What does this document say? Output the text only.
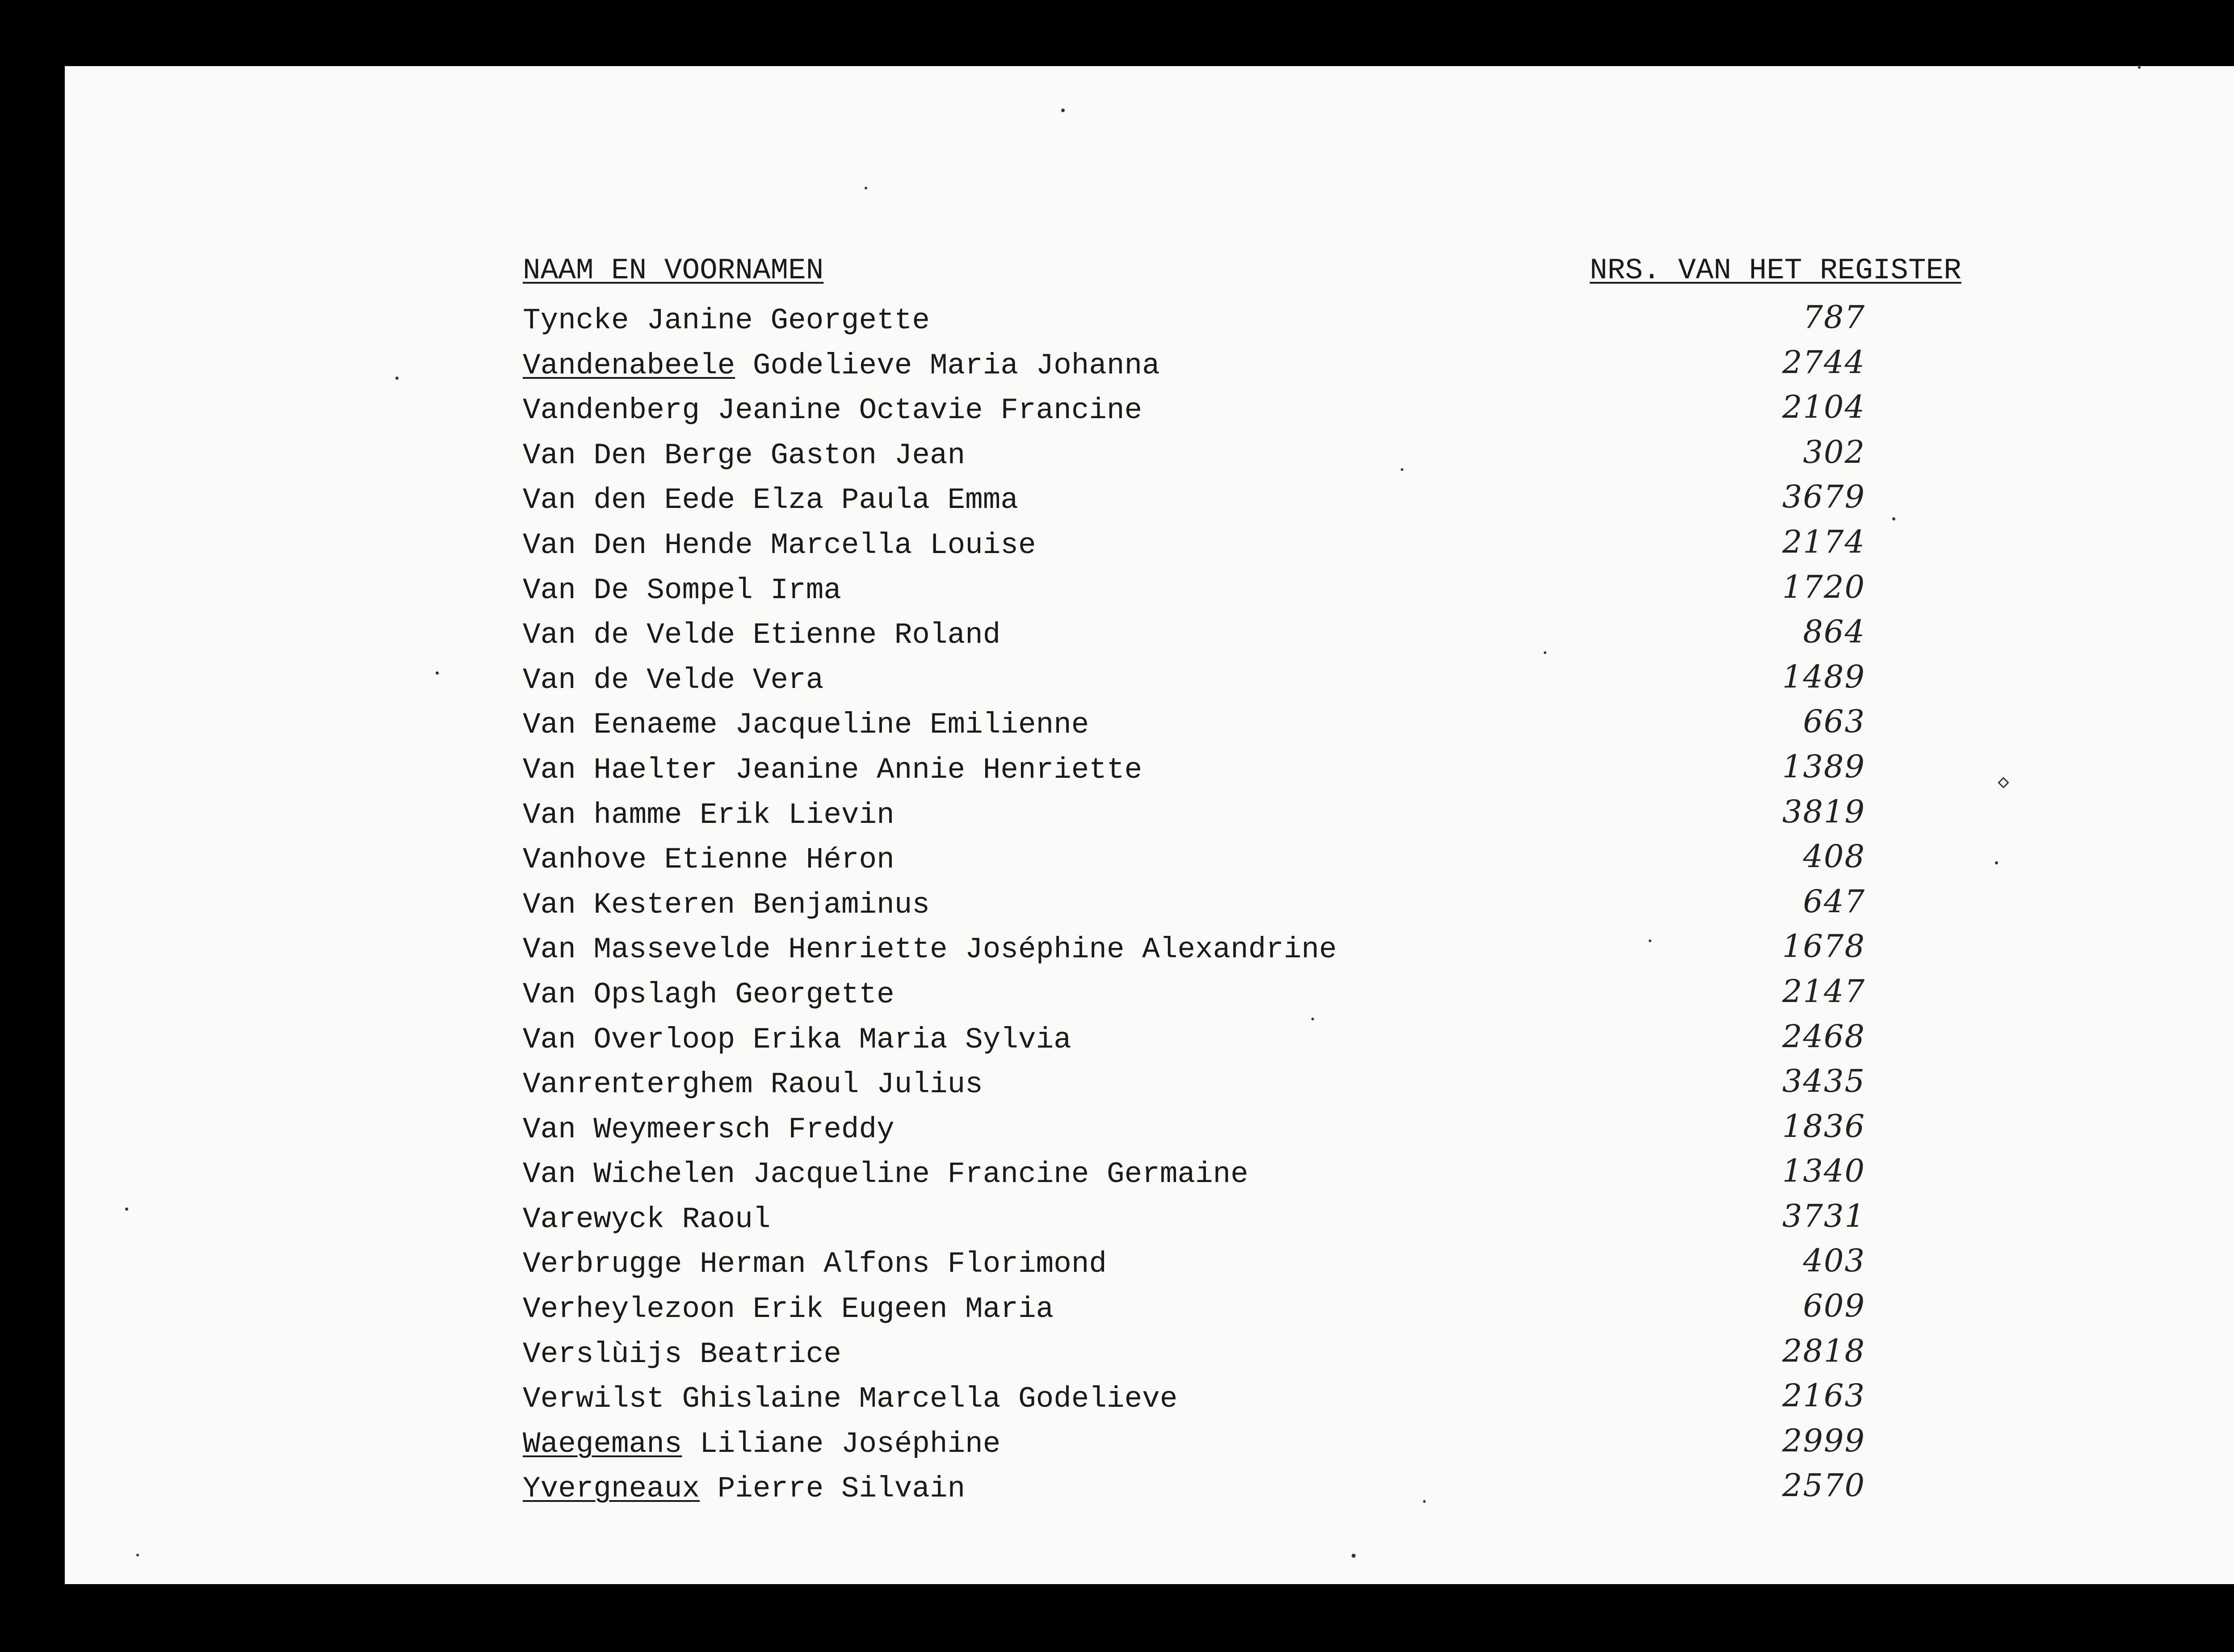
NAAM EN VOORNAMEN	NRS. VAN HET REGISTER
Tyncke Janine Georgette	787
Vandenabeele Godelieve Maria Johanna	2744
Vandenberg Jeanine Octavie Francine	2104
Van Den Berge Gaston Jean	302
Van den Eede Elza Paula Emma	3679
Van Den Hende Marcella Louise	2174
Van De Sompel Irma	1720
Van de Velde Etienne Roland	864
Van de Velde Vera	1489
Van Eenaeme Jacqueline Emilienne	663
Van Haelter Jeanine Annie Henriette	1389
Van hamme Erik Lievin	3819
Vanhove Etienne Héron	408
Van Kesteren Benjaminus	647
Van Massevelde Henriette Joséphine Alexandrine	1678
Van Opslagh Georgette	2147
Van Overloop Erika Maria Sylvia	2468
Vanrenterghem Raoul Julius	3435
Van Weymeersch Freddy	1836
Van Wichelen Jacqueline Francine Germaine	1340
Varewyck Raoul	3731
Verbrugge Herman Alfons Florimond	403
Verheylezoon Erik Eugeen Maria	609
Verslùijs Beatrice	2818
Verwilst Ghislaine Marcella Godelieve	2163
Waegemans Liliane Joséphine	2999
Yvergneaux Pierre Silvain	2570
